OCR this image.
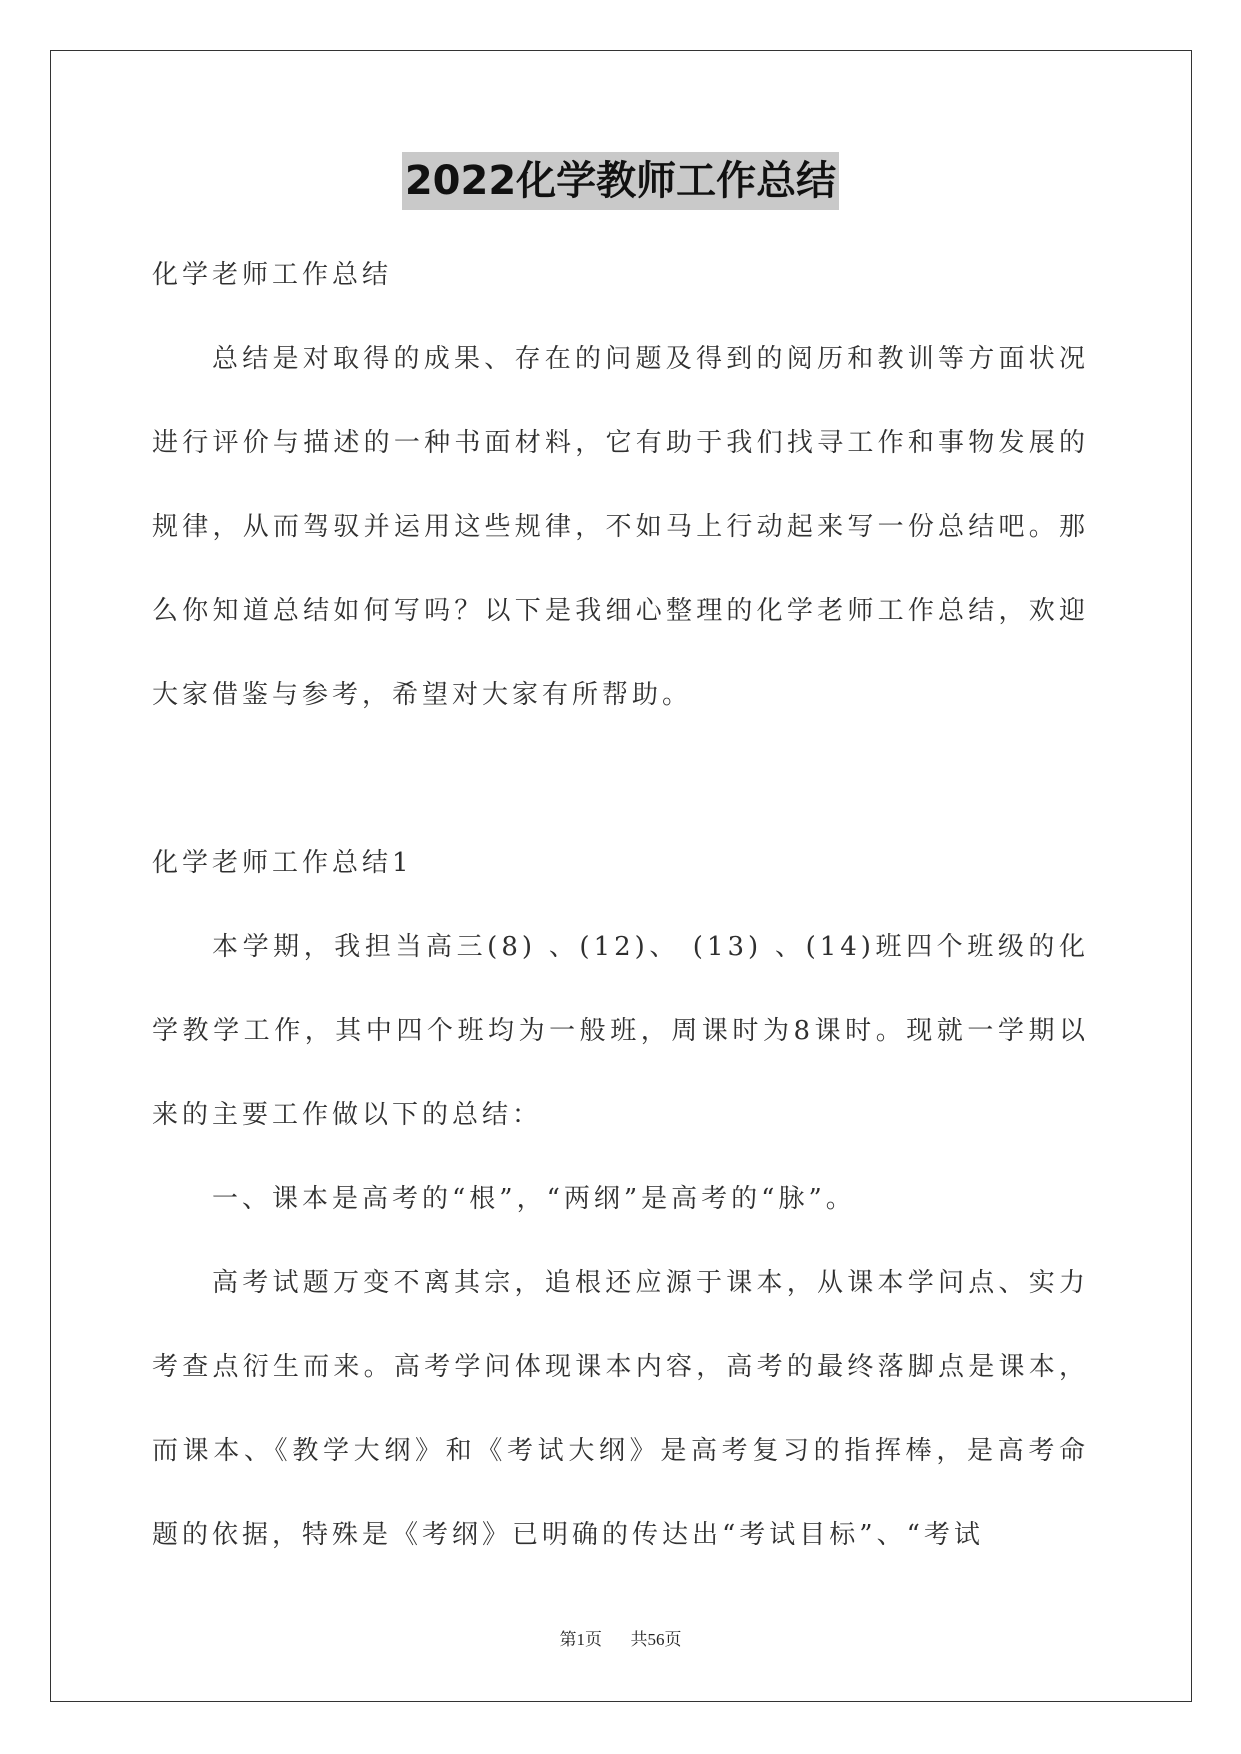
2022化学教师工作总结

化学老师工作总结

总结是对取得的成果、存在的问题及得到的阅历和教训等方面状况进行评价与描述的一种书面材料，它有助于我们找寻工作和事物发展的规律，从而驾驭并运用这些规律，不如马上行动起来写一份总结吧。那么你知道总结如何写吗？以下是我细心整理的化学老师工作总结，欢迎大家借鉴与参考，希望对大家有所帮助。

化学老师工作总结1

本学期，我担当高三(8) 、(12)、 (13) 、(14)班四个班级的化学教学工作，其中四个班均为一般班，周课时为8课时。现就一学期以来的主要工作做以下的总结：

一、课本是高考的“根”，“两纲”是高考的“脉”。

高考试题万变不离其宗，追根还应源于课本，从课本学问点、实力考查点衍生而来。高考学问体现课本内容，高考的最终落脚点是课本，而课本、《教学大纲》和《考试大纲》是高考复习的指挥棒，是高考命题的依据，特殊是《考纲》已明确的传达出“考试目标”、“考试

第1页 共56页
